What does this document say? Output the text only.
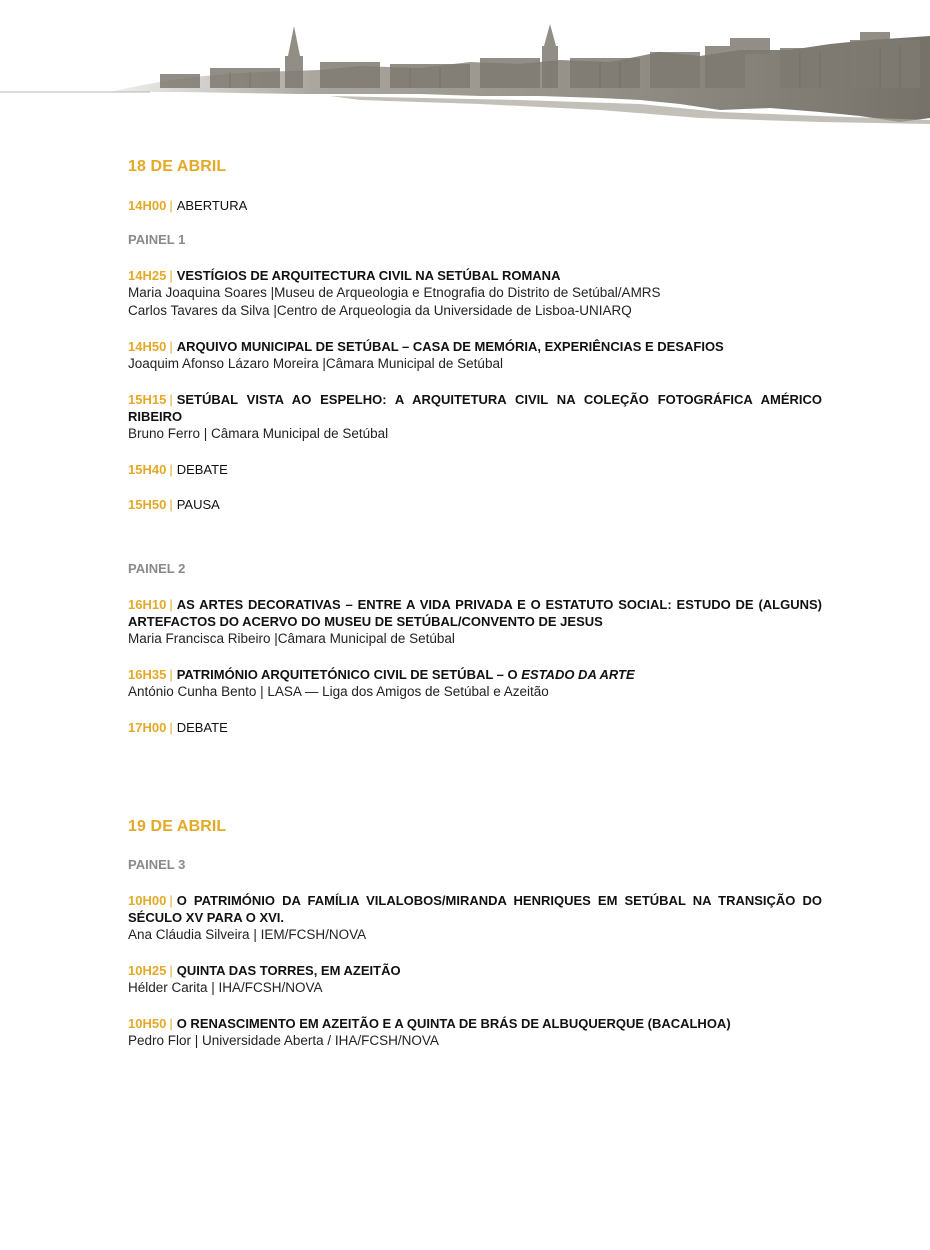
18 DE ABRIL
14H00 | ABERTURA
PAINEL 1
14H25 | VESTÍGIOS DE ARQUITECTURA CIVIL NA SETÚBAL ROMANA
Maria Joaquina Soares |Museu de Arqueologia e Etnografia do Distrito de Setúbal/AMRS
Carlos Tavares da Silva |Centro de Arqueologia da Universidade de Lisboa-UNIARQ
14H50 | ARQUIVO MUNICIPAL DE SETÚBAL – CASA DE MEMÓRIA, EXPERIÊNCIAS E DESAFIOS
Joaquim Afonso Lázaro Moreira |Câmara Municipal de Setúbal
15H15 | SETÚBAL VISTA AO ESPELHO: A ARQUITETURA CIVIL NA COLEÇÃO FOTOGRÁFICA AMÉRICO RIBEIRO
Bruno Ferro | Câmara Municipal de Setúbal
15H40 | DEBATE
15H50 | PAUSA
PAINEL 2
16H10 | AS ARTES DECORATIVAS – ENTRE A VIDA PRIVADA E O ESTATUTO SOCIAL: ESTUDO DE (ALGUNS) ARTEFACTOS DO ACERVO DO MUSEU DE SETÚBAL/CONVENTO DE JESUS
Maria Francisca Ribeiro |Câmara Municipal de Setúbal
16H35 | PATRIMÓNIO ARQUITETÓNICO CIVIL DE SETÚBAL – O ESTADO DA ARTE
António Cunha Bento | LASA — Liga dos Amigos de Setúbal e Azeitão
17H00 | DEBATE
19 DE ABRIL
PAINEL 3
10H00 | O PATRIMÓNIO DA FAMÍLIA VILALOBOS/MIRANDA HENRIQUES EM SETÚBAL NA TRANSIÇÃO DO SÉCULO XV PARA O XVI.
Ana Cláudia Silveira | IEM/FCSH/NOVA
10H25 | QUINTA DAS TORRES, EM AZEITÃO
Hélder Carita | IHA/FCSH/NOVA
10H50 | O RENASCIMENTO EM AZEITÃO E A QUINTA DE BRÁS DE ALBUQUERQUE (BACALHOA)
Pedro Flor | Universidade Aberta / IHA/FCSH/NOVA
